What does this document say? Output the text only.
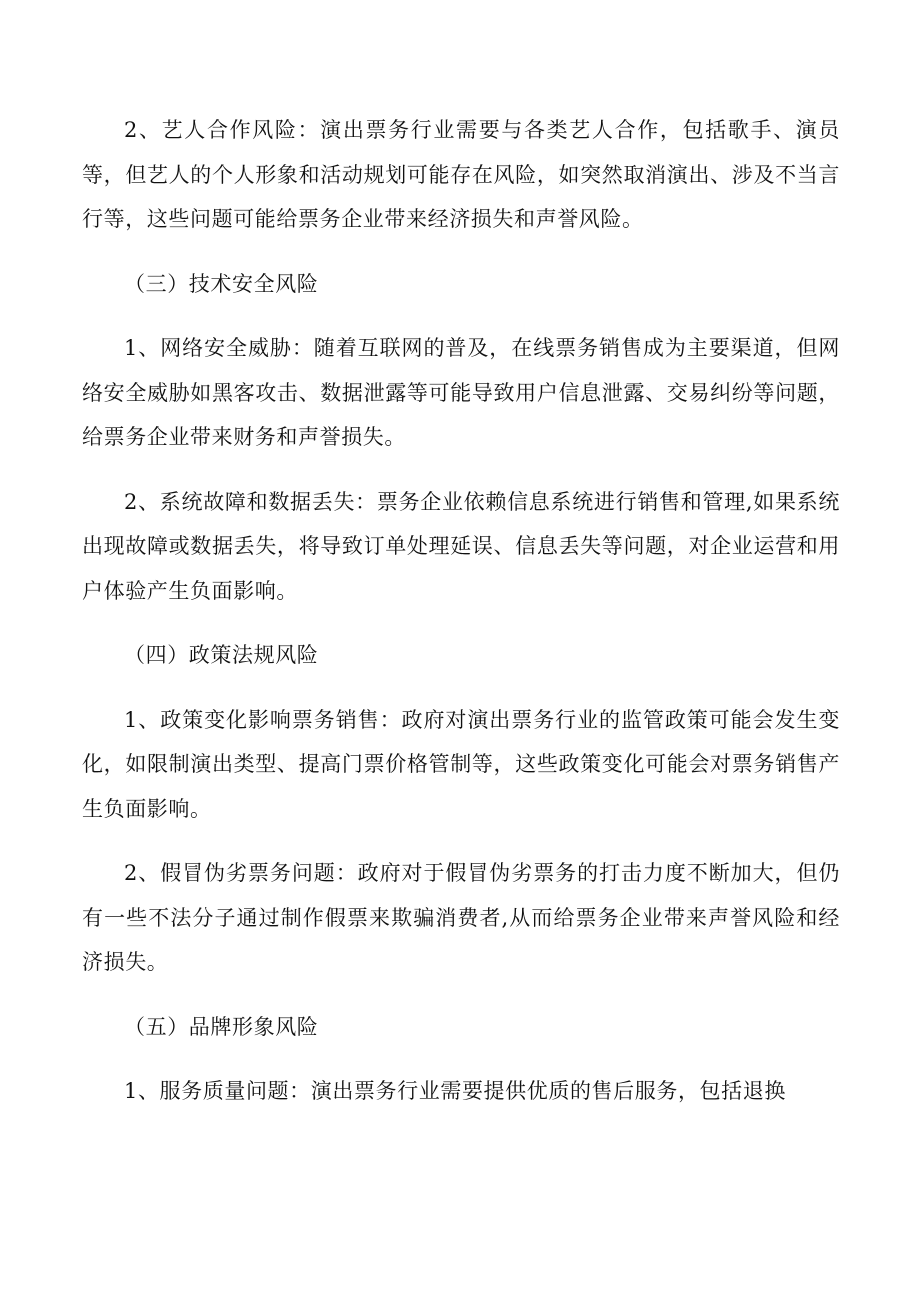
2、艺人合作风险：演出票务行业需要与各类艺人合作，包括歌手、演员等，但艺人的个人形象和活动规划可能存在风险，如突然取消演出、涉及不当言行等，这些问题可能给票务企业带来经济损失和声誉风险。

（三）技术安全风险

1、网络安全威胁：随着互联网的普及，在线票务销售成为主要渠道，但网络安全威胁如黑客攻击、数据泄露等可能导致用户信息泄露、交易纠纷等问题，给票务企业带来财务和声誉损失。

2、系统故障和数据丢失：票务企业依赖信息系统进行销售和管理,如果系统出现故障或数据丢失，将导致订单处理延误、信息丢失等问题，对企业运营和用户体验产生负面影响。

（四）政策法规风险

1、政策变化影响票务销售：政府对演出票务行业的监管政策可能会发生变化，如限制演出类型、提高门票价格管制等，这些政策变化可能会对票务销售产生负面影响。

2、假冒伪劣票务问题：政府对于假冒伪劣票务的打击力度不断加大，但仍有一些不法分子通过制作假票来欺骗消费者,从而给票务企业带来声誉风险和经济损失。

（五）品牌形象风险

1、服务质量问题：演出票务行业需要提供优质的售后服务，包括退换
